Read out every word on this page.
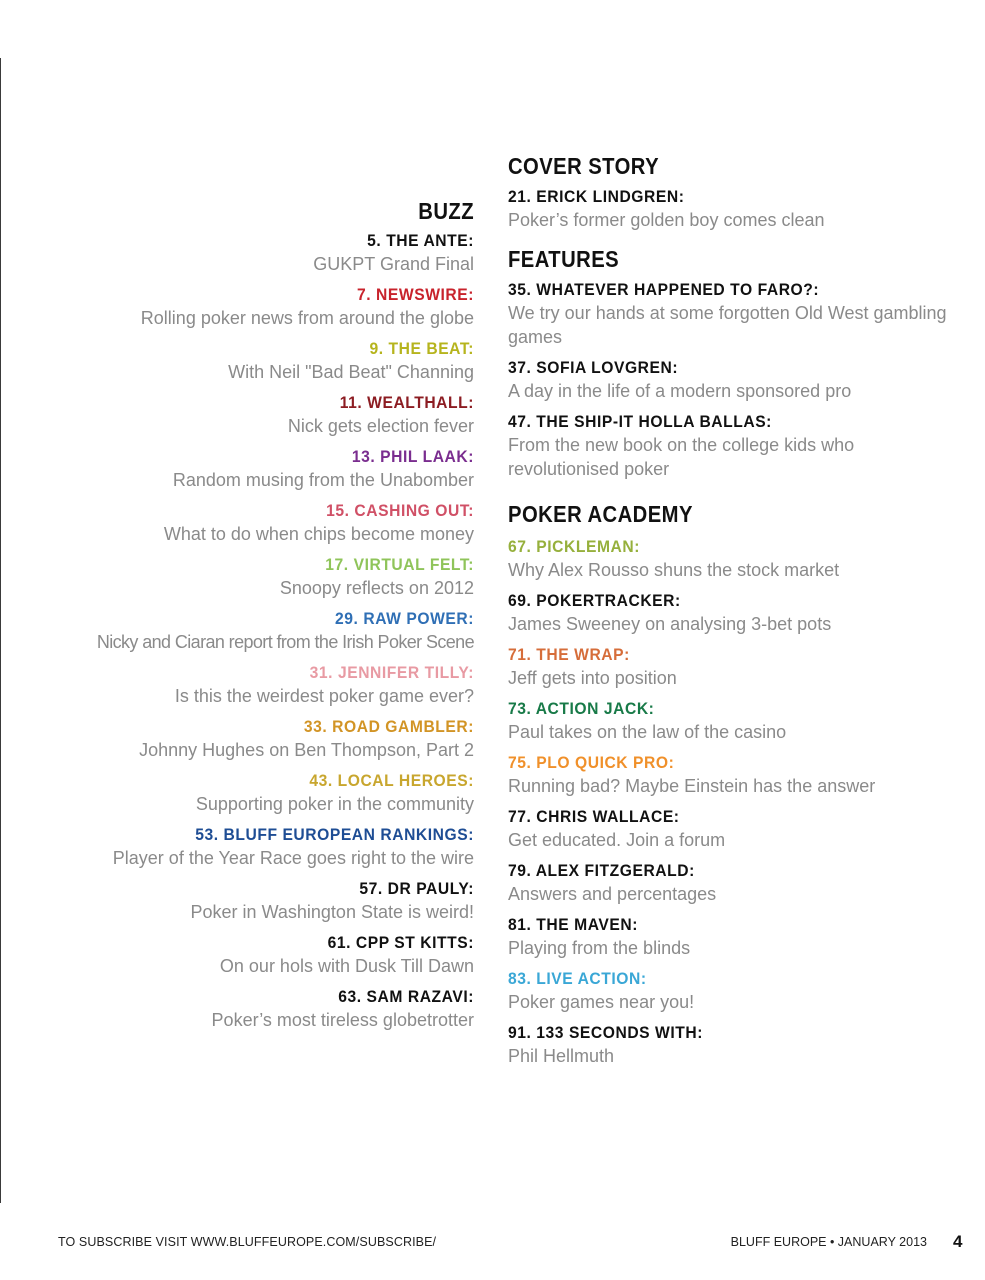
BUZZ
5. THE ANTE:
GUKPT Grand Final
7. NEWSWIRE:
Rolling poker news from around the globe
9. THE BEAT:
With Neil "Bad Beat" Channing
11. WEALTHALL:
Nick gets election fever
13. PHIL LAAK:
Random musing from the Unabomber
15. CASHING OUT:
What to do when chips become money
17. VIRTUAL FELT:
Snoopy reflects on 2012
29. RAW POWER:
Nicky and Ciaran report from the Irish Poker Scene
31. JENNIFER TILLY:
Is this the weirdest poker game ever?
33. ROAD GAMBLER:
Johnny Hughes on Ben Thompson, Part 2
43. LOCAL HEROES:
Supporting poker in the community
53. BLUFF EUROPEAN RANKINGS:
Player of the Year Race goes right to the wire
57. DR PAULY:
Poker in Washington State is weird!
61. CPP ST KITTS:
On our hols with Dusk Till Dawn
63. SAM RAZAVI:
Poker’s most tireless globetrotter
COVER STORY
21. ERICK LINDGREN:
Poker’s former golden boy comes clean
FEATURES
35. WHATEVER HAPPENED TO FARO?:
We try our hands at some forgotten Old West gambling games
37. SOFIA LOVGREN:
A day in the life of a modern sponsored pro
47. THE SHIP-IT HOLLA BALLAS:
From the new book on the college kids who revolutionised poker
POKER ACADEMY
67. PICKLEMAN:
Why Alex Rousso shuns the stock market
69. POKERTRACKER:
James Sweeney on analysing 3-bet pots
71. THE WRAP:
Jeff gets into position
73. ACTION JACK:
Paul takes on the law of the casino
75. PLO QUICK PRO:
Running bad? Maybe Einstein has the answer
77. CHRIS WALLACE:
Get educated. Join a forum
79. ALEX FITZGERALD:
Answers and percentages
81. THE MAVEN:
Playing from the blinds
83. LIVE ACTION:
Poker games near you!
91. 133 SECONDS WITH:
Phil Hellmuth
TO SUBSCRIBE VISIT WWW.BLUFFEUROPE.COM/SUBSCRIBE/	BLUFF EUROPE • JANUARY 2013 4
